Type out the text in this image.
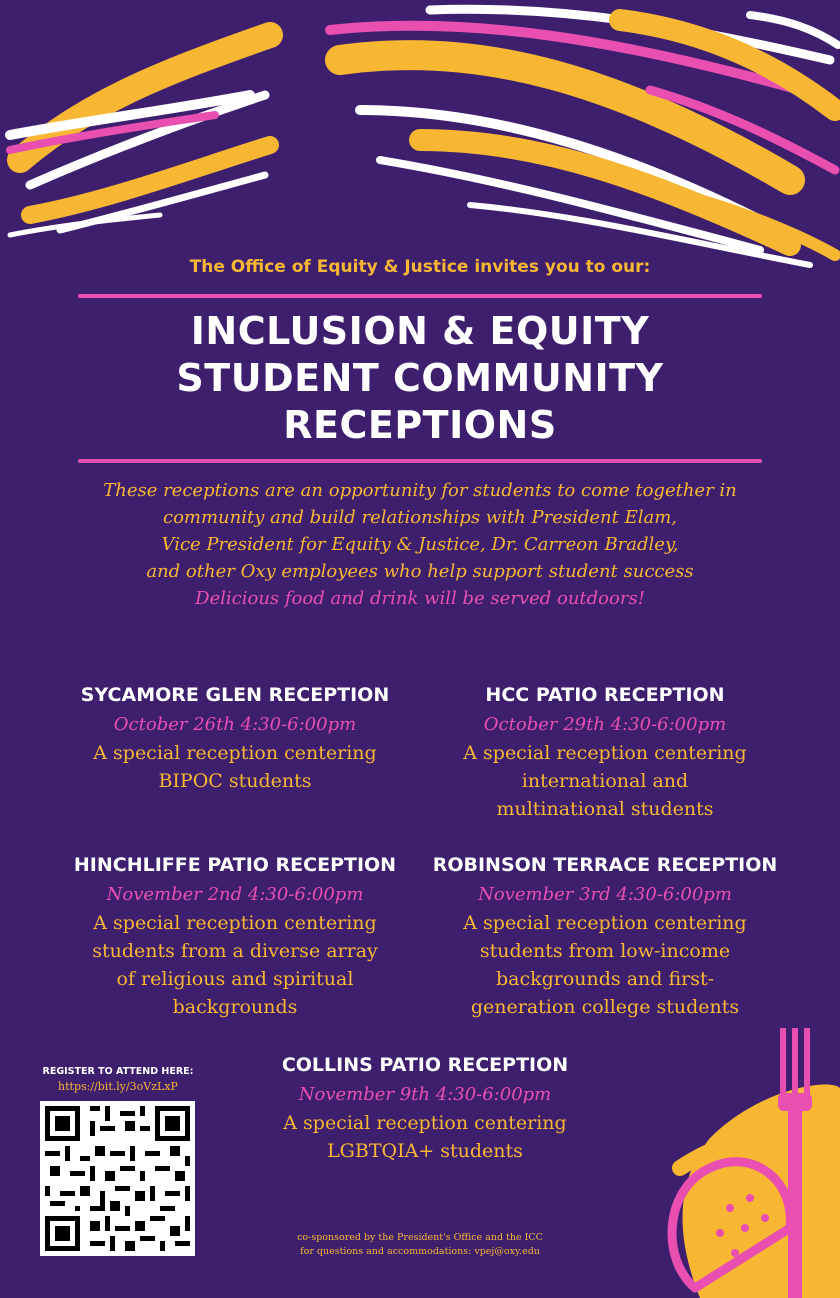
The Office of Equity & Justice invites you to our:
INCLUSION & EQUITY
STUDENT COMMUNITY
RECEPTIONS
These receptions are an opportunity for students to come together in
community and build relationships with President Elam,
Vice President for Equity & Justice, Dr. Carreon Bradley,
and other Oxy employees who help support student success
Delicious food and drink will be served outdoors!
SYCAMORE GLEN RECEPTION
October 26th 4:30-6:00pm
A special reception centering
BIPOC students
HCC PATIO RECEPTION
October 29th 4:30-6:00pm
A special reception centering
international and
multinational students
HINCHLIFFE PATIO RECEPTION
November 2nd 4:30-6:00pm
A special reception centering
students from a diverse array
of religious and spiritual
backgrounds
ROBINSON TERRACE RECEPTION
November 3rd 4:30-6:00pm
A special reception centering
students from low-income
backgrounds and first-
generation college students
COLLINS PATIO RECEPTION
November 9th 4:30-6:00pm
A special reception centering
LGBTQIA+ students
REGISTER TO ATTEND HERE:
https://bit.ly/3oVzLxP
co-sponsored by the President's Office and the ICC
for questions and accommodations: vpej@oxy.edu
